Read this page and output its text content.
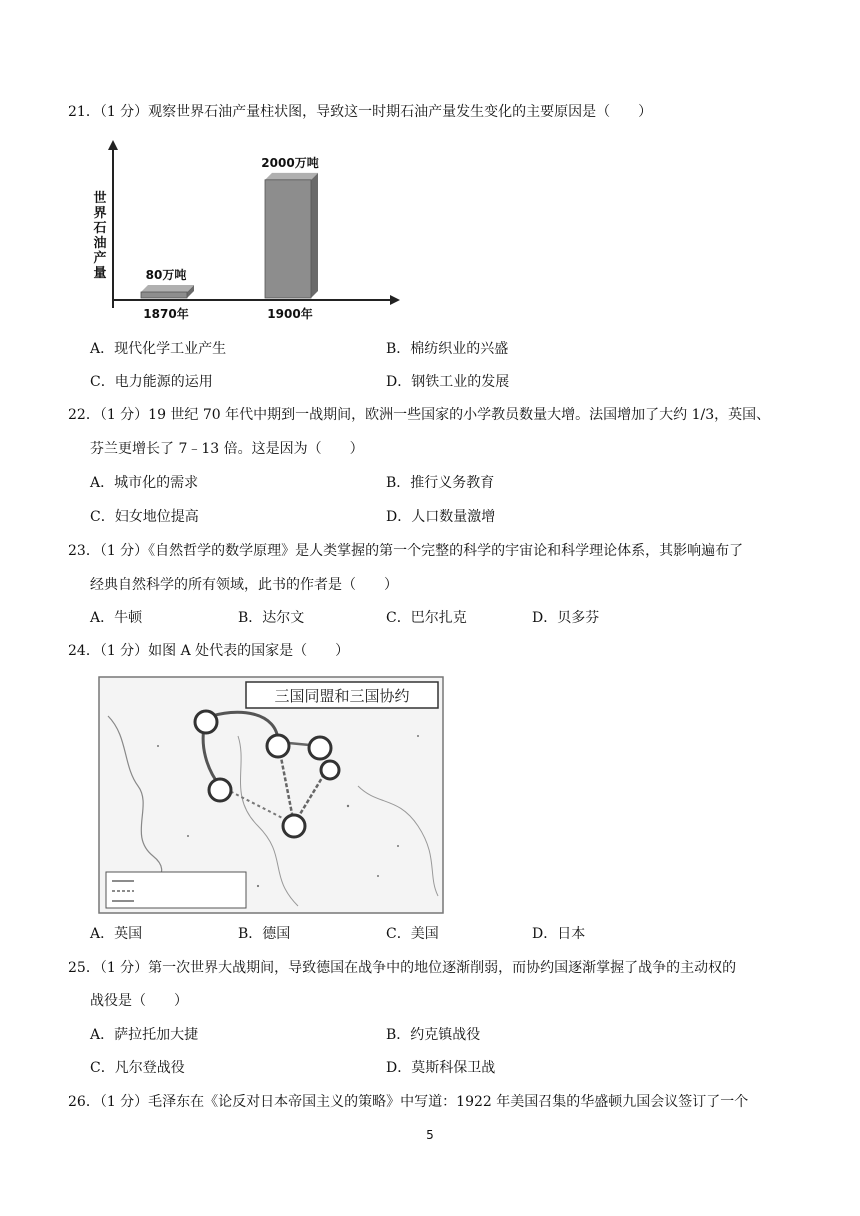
21．（1 分）观察世界石油产量柱状图，导致这一时期石油产量发生变化的主要原因是（　　）
世界石油产量	80万吨
2000万吨
1870年	1900年
A．现代化学工业产生	B．棉纺织业的兴盛
C．电力能源的运用	D．钢铁工业的发展
22．（1 分）19 世纪 70 年代中期到一战期间，欧洲一些国家的小学教员数量大增。法国增加了大约 1/3，英国、
芬兰更增长了 7﹣13 倍。这是因为（　　）
A．城市化的需求	B．推行义务教育
C．妇女地位提高	D．人口数量激增
23．（1 分）《自然哲学的数学原理》是人类掌握的第一个完整的科学的宇宙论和科学理论体系，其影响遍布了
经典自然科学的所有领域，此书的作者是（　　）
A．牛顿	B．达尔文	C．巴尔扎克	D．贝多芬
24．（1 分）如图 A 处代表的国家是（　　）
三国同盟和三国协约
A．英国	B．德国	C．美国	D．日本
25．（1 分）第一次世界大战期间，导致德国在战争中的地位逐渐削弱，而协约国逐渐掌握了战争的主动权的
战役是（　　）
A．萨拉托加大捷	B．约克镇战役
C．凡尔登战役	D．莫斯科保卫战
26．（1 分）毛泽东在《论反对日本帝国主义的策略》中写道：1922 年美国召集的华盛顿九国会议签订了一个
5
